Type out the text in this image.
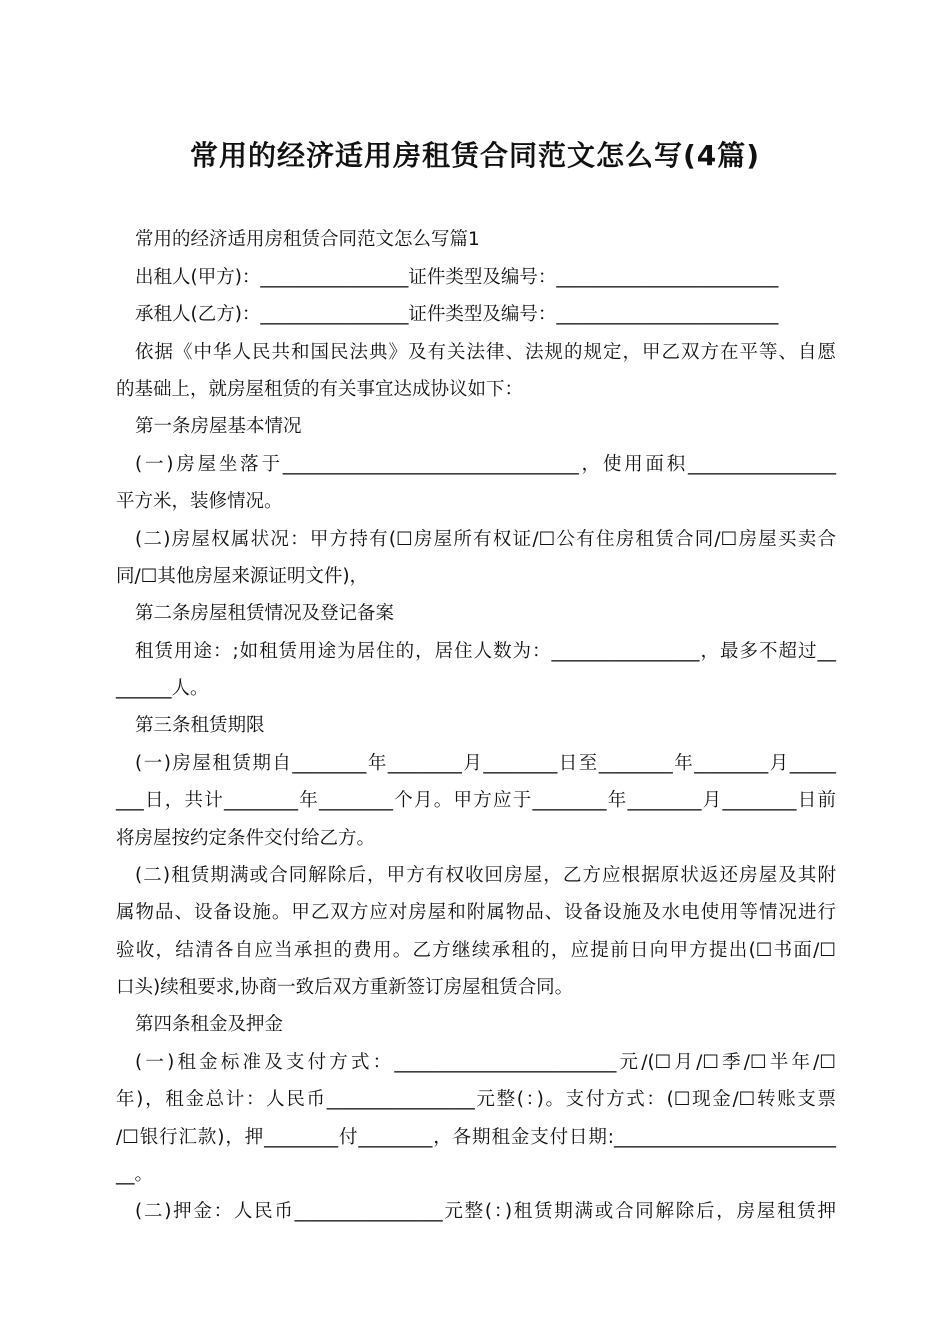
常用的经济适用房租赁合同范文怎么写(4篇)
常用的经济适用房租赁合同范文怎么写篇1
出租人(甲方)：________________证件类型及编号：________________________
承租人(乙方)：________________证件类型及编号：________________________
依据《中华人民共和国民法典》及有关法律、法规的规定，甲乙双方在平等、自愿
的基础上，就房屋租赁的有关事宜达成协议如下：
第一条房屋基本情况
(一)房屋坐落于________________________________，使用面积________________
平方米，装修情况。
(二)房屋权属状况：甲方持有(☐房屋所有权证/☐公有住房租赁合同/☐房屋买卖合
同/☐其他房屋来源证明文件)，
第二条房屋租赁情况及登记备案
租赁用途：;如租赁用途为居住的，居住人数为：________________，最多不超过__
______人。
第三条租赁期限
(一)房屋租赁期自________年________月________日至________年________月_____
___日，共计________年________个月。甲方应于________年________月________日前
将房屋按约定条件交付给乙方。
(二)租赁期满或合同解除后，甲方有权收回房屋，乙方应根据原状返还房屋及其附
属物品、设备设施。甲乙双方应对房屋和附属物品、设备设施及水电使用等情况进行
验收，结清各自应当承担的费用。乙方继续承租的，应提前日向甲方提出(☐书面/☐
口头)续租要求,协商一致后双方重新签订房屋租赁合同。
第四条租金及押金
(一)租金标准及支付方式：________________________元/(☐月/☐季/☐半年/☐
年)，租金总计：人民币________________元整(：)。支付方式：(☐现金/☐转账支票
/☐银行汇款)，押________付________，各期租金支付日期:________________________
__。
(二)押金：人民币________________元整(：)租赁期满或合同解除后，房屋租赁押
